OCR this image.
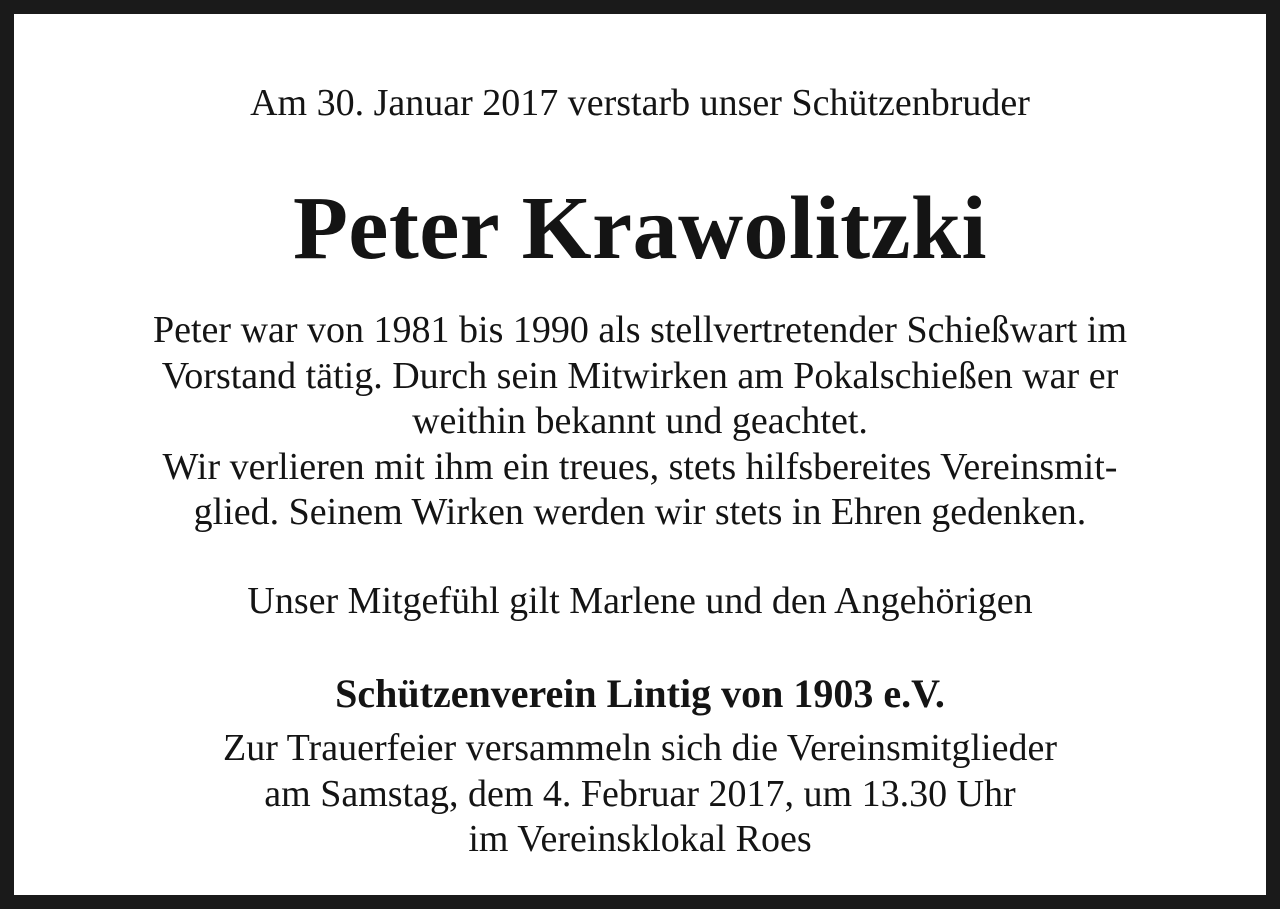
Am 30. Januar 2017 verstarb unser Schützenbruder

Peter Krawolitzki
Peter war von 1981 bis 1990 als stellvertretender Schießwart im
Vorstand tätig. Durch sein Mitwirken am Pokalschießen war er
weithin bekannt und geachtet.
Wir verlieren mit ihm ein treues, stets hilfsbereites Vereinsmit-
glied. Seinem Wirken werden wir stets in Ehren gedenken.

Unser Mitgefühl gilt Marlene und den Angehörigen

Schützenverein Lintig von 1903 e.V.

Zur Trauerfeier versammeln sich die Vereinsmitglieder
am Samstag, dem 4. Februar 2017, um 13.30 Uhr
im Vereinsklokal Roes
